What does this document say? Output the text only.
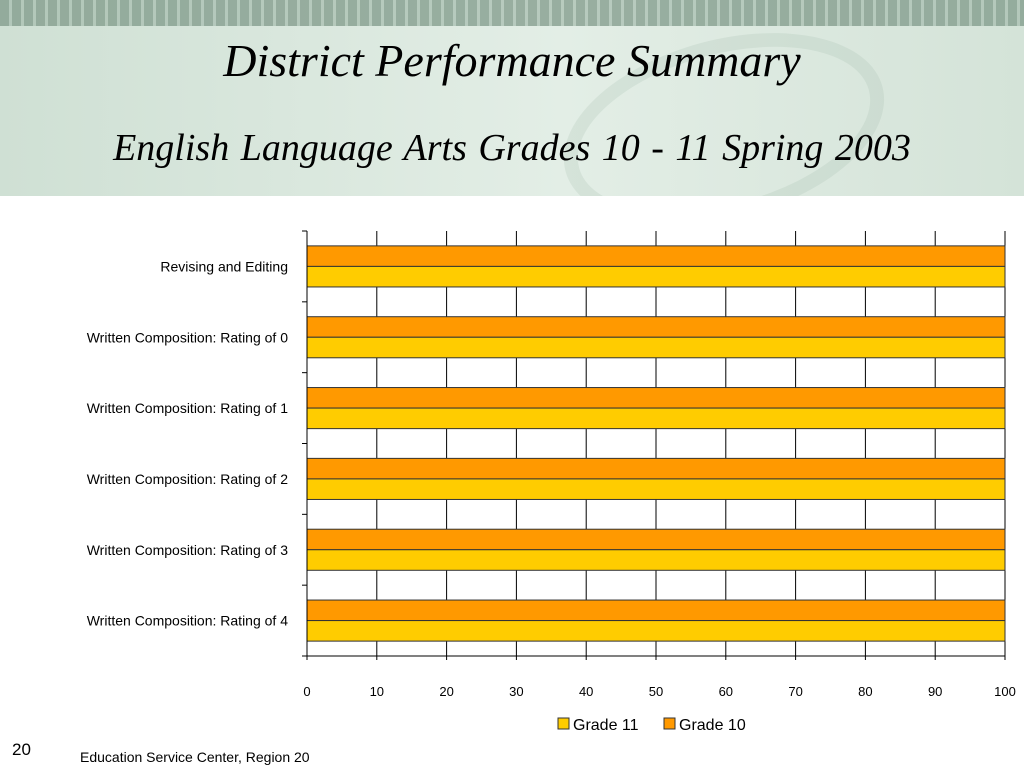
District Performance Summary
English Language Arts Grades 10 - 11 Spring 2003
Revising and Editing
Written Composition: Rating of 0
Written Composition: Rating of 1
Written Composition: Rating of 2
Written Composition: Rating of 3
Written Composition: Rating of 4
0	10	20	30	40	50	60	70	80	90	100
Grade 11	Grade 10
20	Education Service Center, Region 20
